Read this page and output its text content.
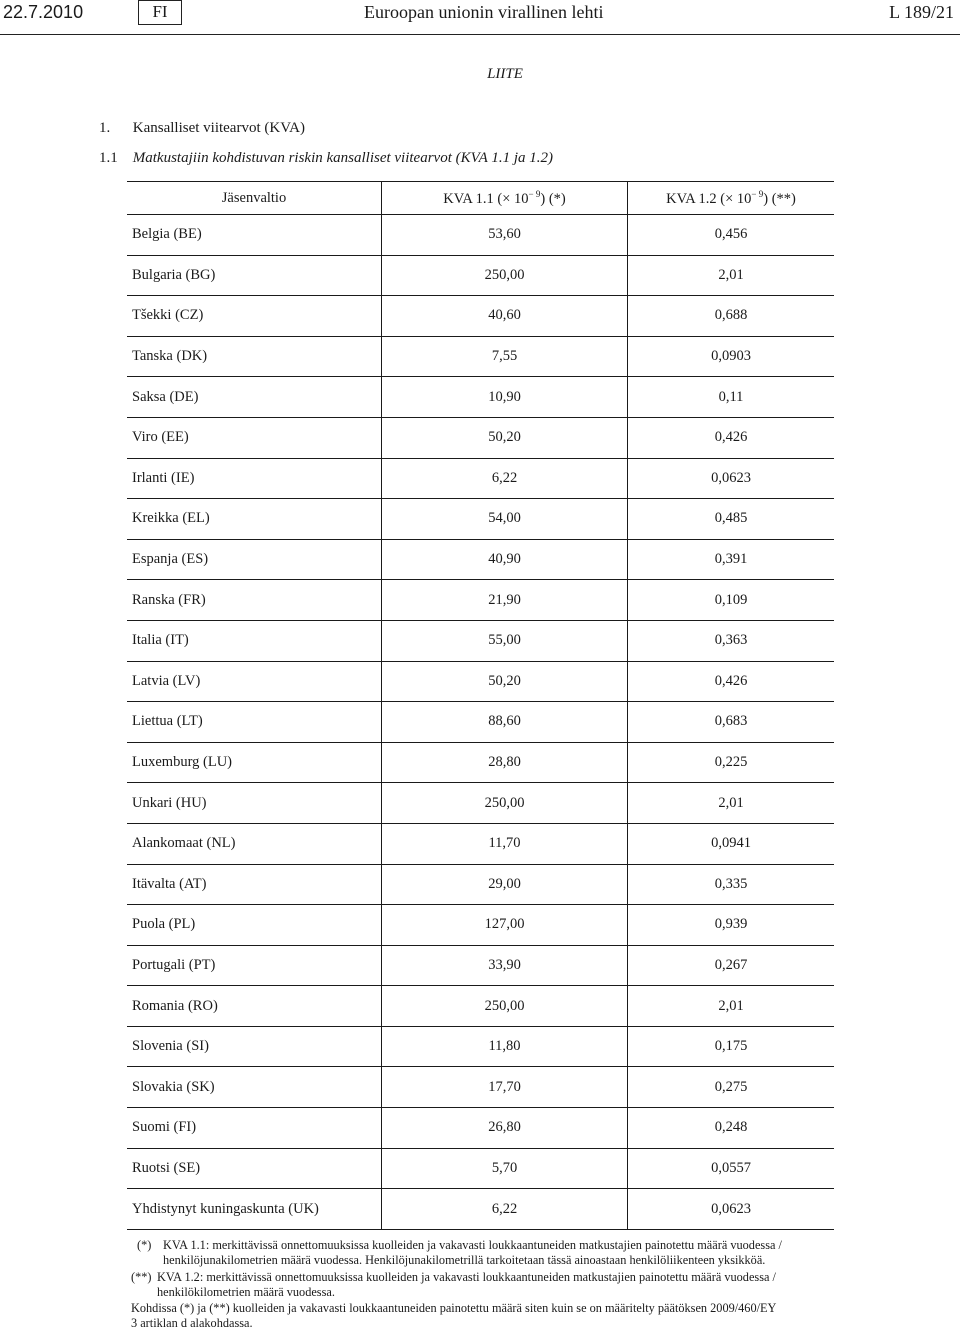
22.7.2010	FI	Euroopan unionin virallinen lehti	L 189/21
LIITE
1. Kansalliset viitearvot (KVA)
1.1 Matkustajiin kohdistuvan riskin kansalliset viitearvot (KVA 1.1 ja 1.2)
Jäsenvaltio	KVA 1.1 (× $10^{- 9}$) (*)	KVA 1.2 (× $10^{- 9}$) (**)
Belgia (BE)	53,60	0,456
Bulgaria (BG)	250,00	2,01
Tšekki (CZ)	40,60	0,688
Tanska (DK)	7,55	0,0903
Saksa (DE)	10,90	0,11
Viro (EE)	50,20	0,426
Irlanti (IE)	6,22	0,0623
Kreikka (EL)	54,00	0,485
Espanja (ES)	40,90	0,391
Ranska (FR)	21,90	0,109
Italia (IT)	55,00	0,363
Latvia (LV)	50,20	0,426
Liettua (LT)	88,60	0,683
Luxemburg (LU)	28,80	0,225
Unkari (HU)	250,00	2,01
Alankomaat (NL)	11,70	0,0941
Itävalta (AT)	29,00	0,335
Puola (PL)	127,00	0,939
Portugali (PT)	33,90	0,267
Romania (RO)	250,00	2,01
Slovenia (SI)	11,80	0,175
Slovakia (SK)	17,70	0,275
Suomi (FI)	26,80	0,248
Ruotsi (SE)	5,70	0,0557
Yhdistynyt kuningaskunta (UK)	6,22	0,0623
(*) KVA 1.1: merkittävissä onnettomuuksissa kuolleiden ja vakavasti loukkaantuneiden matkustajien painotettu määrä vuodessa /
henkilöjunakilometrien määrä vuodessa. Henkilöjunakilometrillä tarkoitetaan tässä ainoastaan henkilöliikenteen yksikköä.
(**) KVA 1.2: merkittävissä onnettomuuksissa kuolleiden ja vakavasti loukkaantuneiden matkustajien painotettu määrä vuodessa /
henkilökilometrien määrä vuodessa.
Kohdissa (*) ja (**) kuolleiden ja vakavasti loukkaantuneiden painotettu määrä siten kuin se on määritelty päätöksen 2009/460/EY
3 artiklan d alakohdassa.
